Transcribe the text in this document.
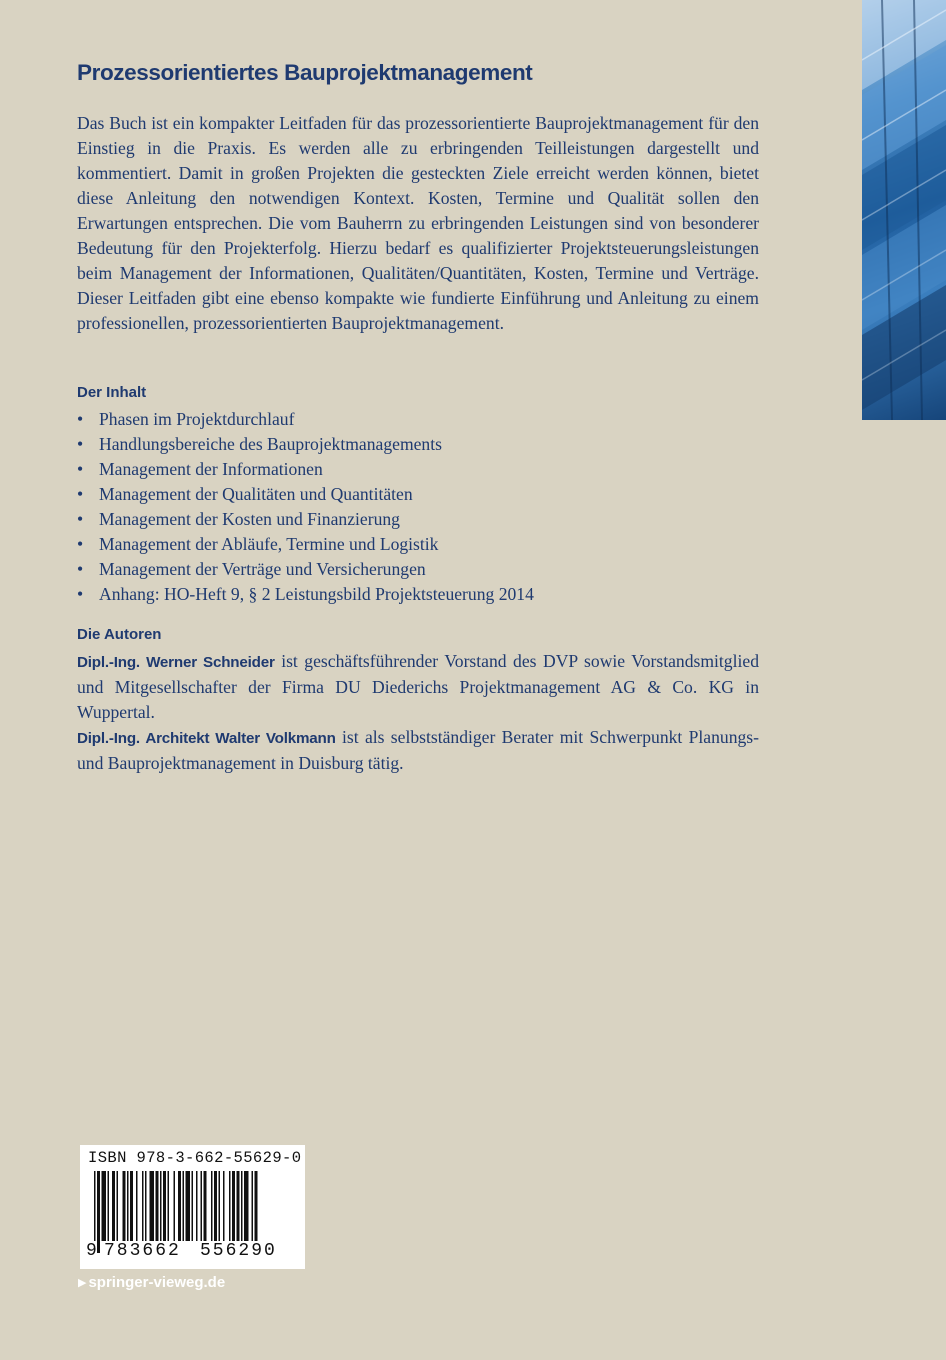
Prozessorientiertes Bauprojektmanagement

Das Buch ist ein kompakter Leitfaden für das prozessorientierte Bauprojektmanagement für den Einstieg in die Praxis. Es werden alle zu erbringenden Teilleistungen dargestellt und kommentiert. Damit in großen Projekten die gesteckten Ziele erreicht werden können, bietet diese Anleitung den notwendigen Kontext. Kosten, Termine und Qualität sollen den Erwartungen entsprechen. Die vom Bauherrn zu erbringenden Leistungen sind von besonderer Bedeutung für den Projekterfolg. Hierzu bedarf es qualifizierter Projektsteuerungsleistungen beim Management der Informationen, Qualitäten/Quantitäten, Kosten, Termine und Verträge. Dieser Leitfaden gibt eine ebenso kompakte wie fundierte Einführung und Anleitung zu einem professionellen, prozessorientierten Bauprojektmanagement.

Der Inhalt
• Phasen im Projektdurchlauf
• Handlungsbereiche des Bauprojektmanagements
• Management der Informationen
• Management der Qualitäten und Quantitäten
• Management der Kosten und Finanzierung
• Management der Abläufe, Termine und Logistik
• Management der Verträge und Versicherungen
• Anhang: HO-Heft 9, § 2 Leistungsbild Projektsteuerung 2014
Die Autoren

Dipl.-Ing. Werner Schneider ist geschäftsführender Vorstand des DVP sowie Vorstandsmitglied und Mitgesellschafter der Firma DU Diederichs Projektmanagement AG & Co. KG in Wuppertal.

Dipl.-Ing. Architekt Walter Volkmann ist als selbstständiger Berater mit Schwerpunkt Planungs-und Bauprojektmanagement in Duisburg tätig.

ISBN 978-3-662-55629-0
9 783662 556290
▶ springer-vieweg.de
